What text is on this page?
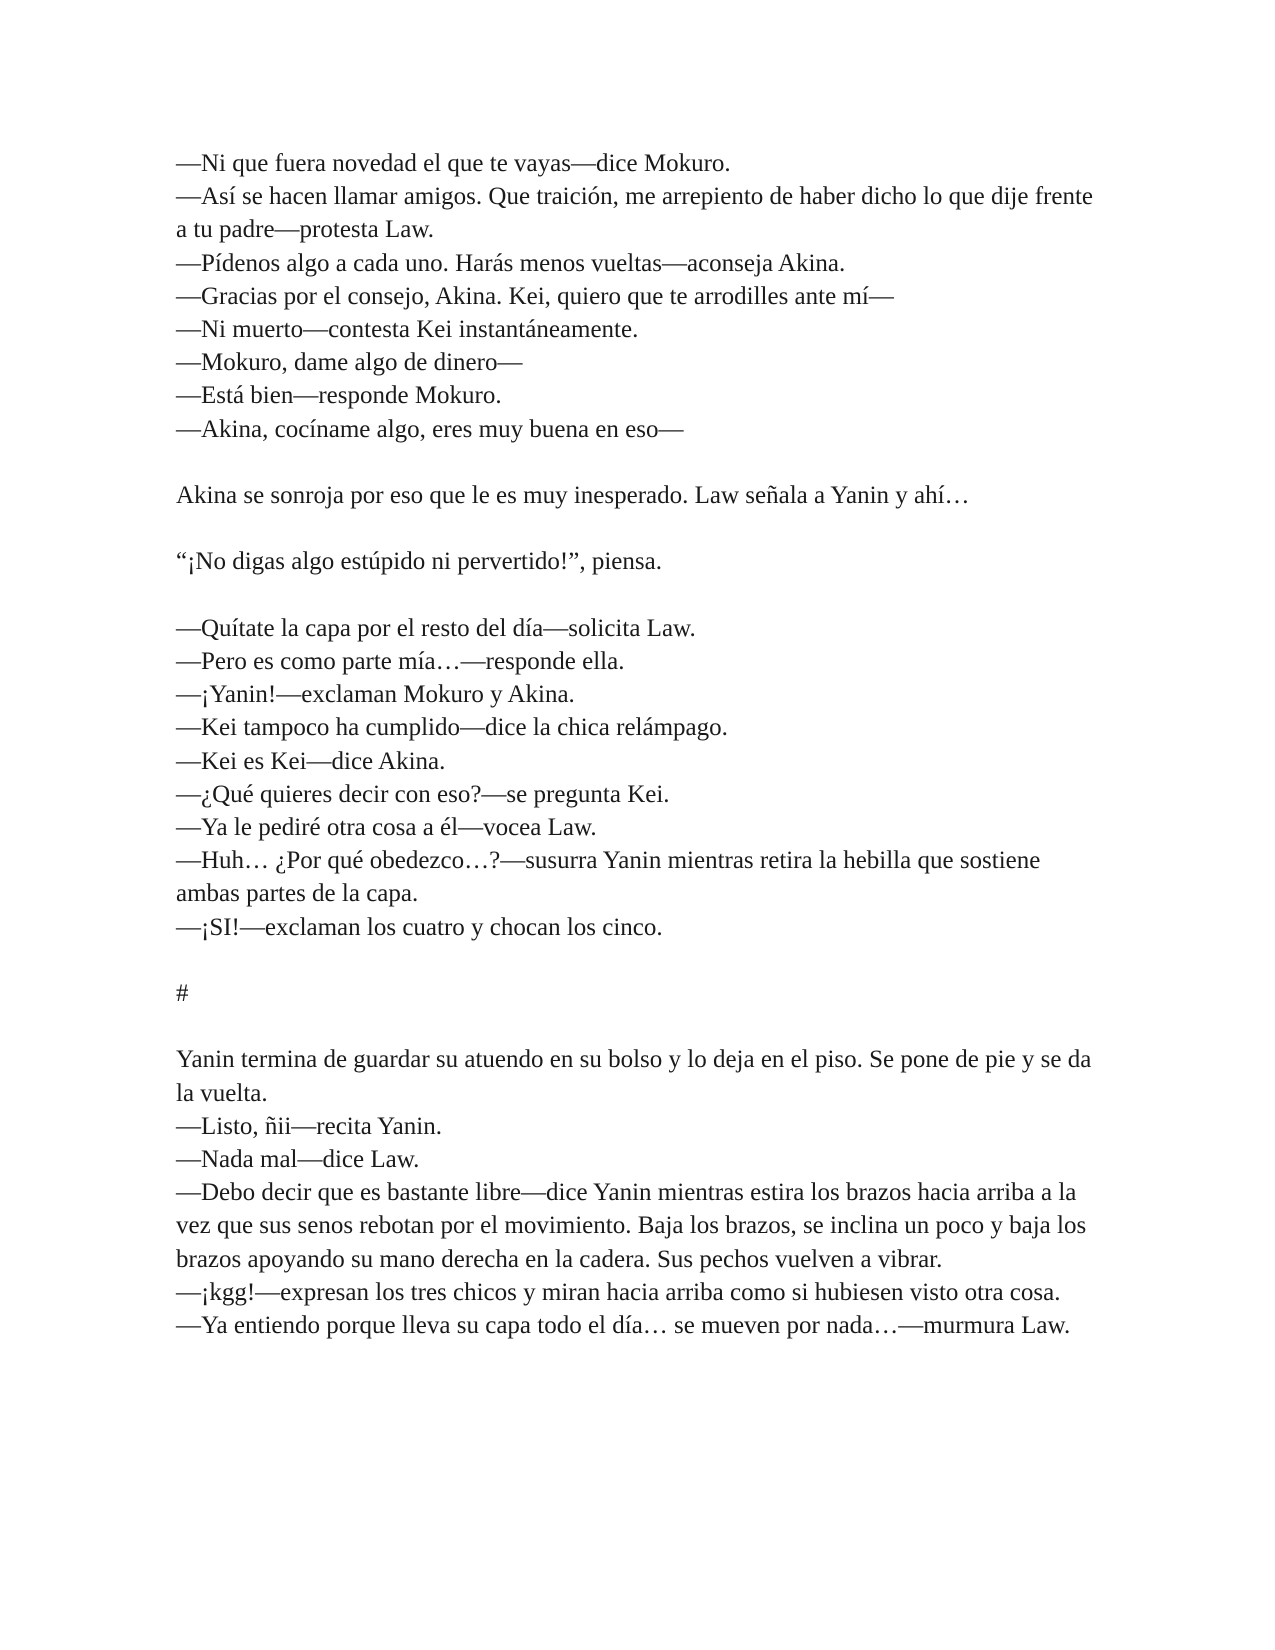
—Ni que fuera novedad el que te vayas—dice Mokuro.

—Así se hacen llamar amigos. Que traición, me arrepiento de haber dicho lo que dije frente a tu padre—protesta Law.

—Pídenos algo a cada uno. Harás menos vueltas—aconseja Akina.

—Gracias por el consejo, Akina. Kei, quiero que te arrodilles ante mí—

—Ni muerto—contesta Kei instantáneamente.

—Mokuro, dame algo de dinero—

—Está bien—responde Mokuro.

—Akina, cocíname algo, eres muy buena en eso—

Akina se sonroja por eso que le es muy inesperado. Law señala a Yanin y ahí…

“¡No digas algo estúpido ni pervertido!”, piensa.

—Quítate la capa por el resto del día—solicita Law.

—Pero es como parte mía…—responde ella.

—¡Yanin!—exclaman Mokuro y Akina.

—Kei tampoco ha cumplido—dice la chica relámpago.

—Kei es Kei—dice Akina.

—¿Qué quieres decir con eso?—se pregunta Kei.

—Ya le pediré otra cosa a él—vocea Law.

—Huh… ¿Por qué obedezco…?—susurra Yanin mientras retira la hebilla que sostiene ambas partes de la capa.

—¡SI!—exclaman los cuatro y chocan los cinco.

#

Yanin termina de guardar su atuendo en su bolso y lo deja en el piso. Se pone de pie y se da la vuelta.

—Listo, ñii—recita Yanin.

—Nada mal—dice Law.

—Debo decir que es bastante libre—dice Yanin mientras estira los brazos hacia arriba a la vez que sus senos rebotan por el movimiento. Baja los brazos, se inclina un poco y baja los brazos apoyando su mano derecha en la cadera. Sus pechos vuelven a vibrar.

—¡kgg!—expresan los tres chicos y miran hacia arriba como si hubiesen visto otra cosa.

—Ya entiendo porque lleva su capa todo el día… se mueven por nada…—murmura Law.
